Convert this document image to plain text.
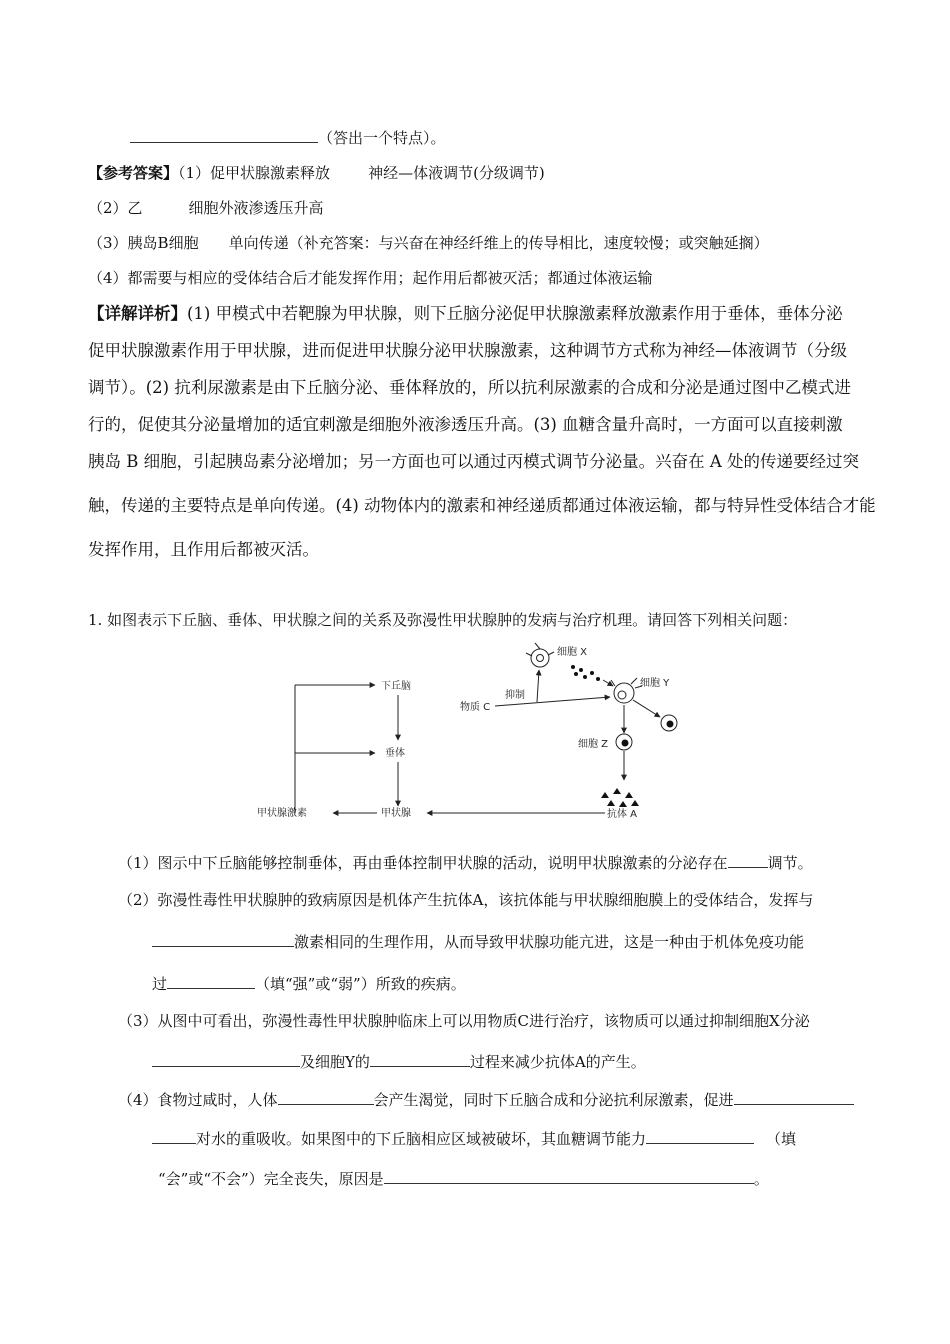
（答出一个特点）。
【参考答案】（1）促甲状腺激素释放	神经—体液调节(分级调节)
（2）乙	细胞外液渗透压升高
（3）胰岛B细胞 单向传递（补充答案：与兴奋在神经纤维上的传导相比，速度较慢；或突触延搁）
（4）都需要与相应的受体结合后才能发挥作用；起作用后都被灭活；都通过体液运输
【详解详析】(1) 甲模式中若靶腺为甲状腺，则下丘脑分泌促甲状腺激素释放激素作用于垂体，垂体分泌
促甲状腺激素作用于甲状腺，进而促进甲状腺分泌甲状腺激素，这种调节方式称为神经—体液调节（分级
调节）。(2) 抗利尿激素是由下丘脑分泌、垂体释放的，所以抗利尿激素的合成和分泌是通过图中乙模式进
行的，促使其分泌量增加的适宜刺激是细胞外液渗透压升高。(3) 血糖含量升高时，一方面可以直接刺激
胰岛 B 细胞，引起胰岛素分泌增加；另一方面也可以通过丙模式调节分泌量。兴奋在 A 处的传递要经过突
触，传递的主要特点是单向传递。(4) 动物体内的激素和神经递质都通过体液运输，都与特异性受体结合才能
发挥作用，且作用后都被灭活。
1. 如图表示下丘脑、垂体、甲状腺之间的关系及弥漫性甲状腺肿的发病与治疗机理。请回答下列相关问题：
下丘脑
垂体
甲状腺
甲状腺激素	抗体 A
细胞 X
细胞 Y
物质 C
抑制
细胞 Z
（1）图示中下丘脑能够控制垂体，再由垂体控制甲状腺的活动，说明甲状腺激素的分泌存在	调节。
（2）弥漫性毒性甲状腺肿的致病原因是机体产生抗体A，该抗体能与甲状腺细胞膜上的受体结合，发挥与
激素相同的生理作用，从而导致甲状腺功能亢进，这是一种由于机体免疫功能
过	（填“强”或“弱”）所致的疾病。
（3）从图中可看出，弥漫性毒性甲状腺肿临床上可以用物质C进行治疗，该物质可以通过抑制细胞X分泌
及细胞Y的	过程来减少抗体A的产生。
（4）食物过咸时，人体	会产生渴觉，同时下丘脑合成和分泌抗利尿激素，促进
对水的重吸收。如果图中的下丘脑相应区域被破坏，其血糖调节能力	（填
“会”或“不会”）完全丧失，原因是	。
